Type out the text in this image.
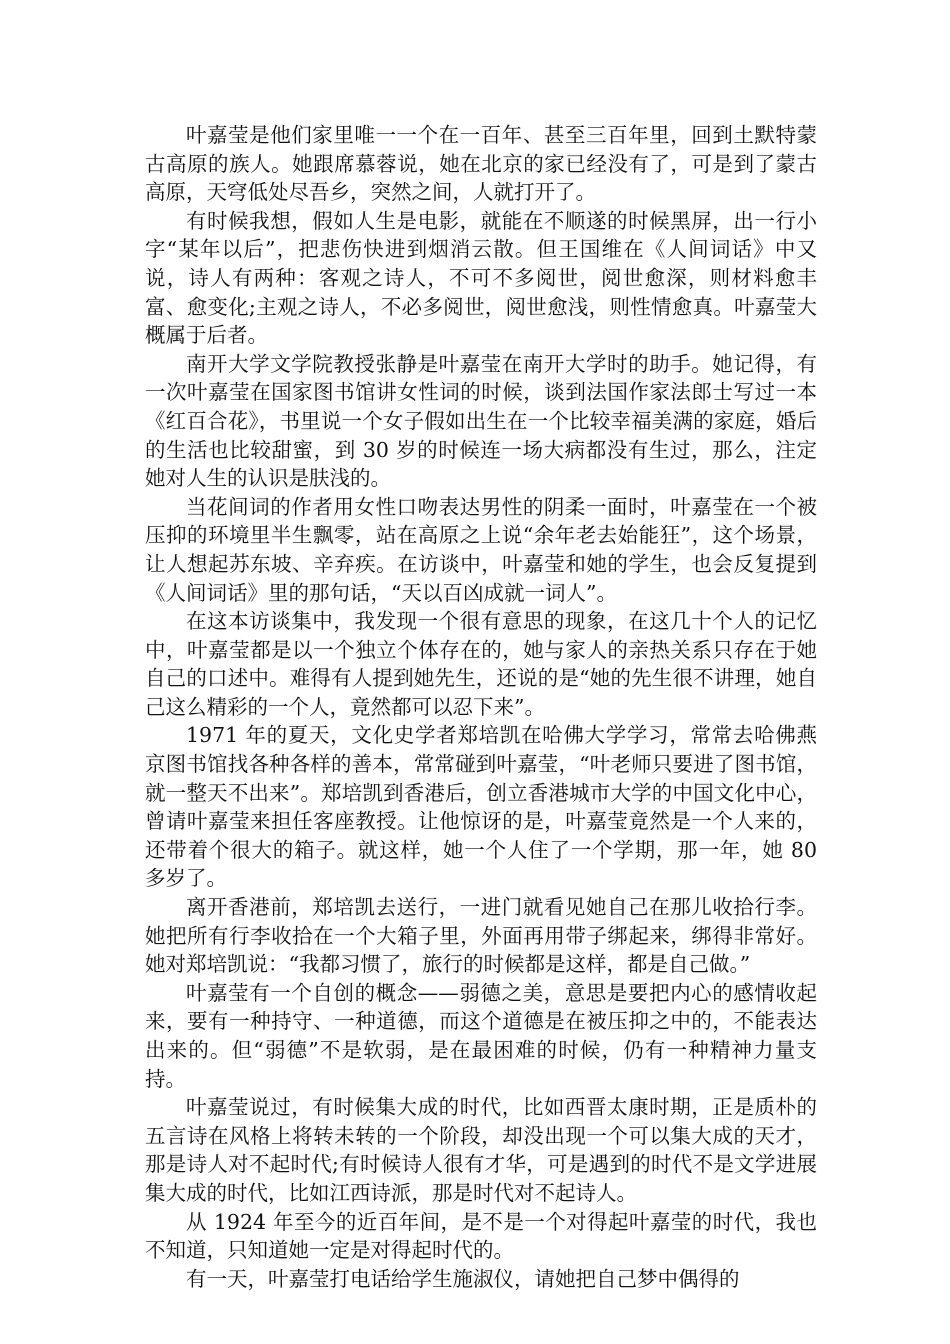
叶嘉莹是他们家里唯一一个在一百年、甚至三百年里，回到土默特蒙古高原的族人。她跟席慕蓉说，她在北京的家已经没有了，可是到了蒙古高原，天穹低处尽吾乡，突然之间，人就打开了。

有时候我想，假如人生是电影，就能在不顺遂的时候黑屏，出一行小字“某年以后”，把悲伤快进到烟消云散。但王国维在《人间词话》中又说，诗人有两种：客观之诗人，不可不多阅世，阅世愈深，则材料愈丰富、愈变化;主观之诗人，不必多阅世，阅世愈浅，则性情愈真。叶嘉莹大概属于后者。

南开大学文学院教授张静是叶嘉莹在南开大学时的助手。她记得，有一次叶嘉莹在国家图书馆讲女性词的时候，谈到法国作家法郎士写过一本《红百合花》，书里说一个女子假如出生在一个比较幸福美满的家庭，婚后的生活也比较甜蜜，到 30 岁的时候连一场大病都没有生过，那么，注定她对人生的认识是肤浅的。

当花间词的作者用女性口吻表达男性的阴柔一面时，叶嘉莹在一个被压抑的环境里半生飘零，站在高原之上说“余年老去始能狂”，这个场景，让人想起苏东坡、辛弃疾。在访谈中，叶嘉莹和她的学生，也会反复提到《人间词话》里的那句话，“天以百凶成就一词人”。

在这本访谈集中，我发现一个很有意思的现象，在这几十个人的记忆中，叶嘉莹都是以一个独立个体存在的，她与家人的亲热关系只存在于她自己的口述中。难得有人提到她先生，还说的是“她的先生很不讲理，她自己这么精彩的一个人，竟然都可以忍下来”。

1971 年的夏天，文化史学者郑培凯在哈佛大学学习，常常去哈佛燕京图书馆找各种各样的善本，常常碰到叶嘉莹，“叶老师只要进了图书馆，就一整天不出来”。郑培凯到香港后，创立香港城市大学的中国文化中心，曾请叶嘉莹来担任客座教授。让他惊讶的是，叶嘉莹竟然是一个人来的，还带着个很大的箱子。就这样，她一个人住了一个学期，那一年，她 80 多岁了。

离开香港前，郑培凯去送行，一进门就看见她自己在那儿收拾行李。她把所有行李收拾在一个大箱子里，外面再用带子绑起来，绑得非常好。她对郑培凯说：“我都习惯了，旅行的时候都是这样，都是自己做。”

叶嘉莹有一个自创的概念——弱德之美，意思是要把内心的感情收起来，要有一种持守、一种道德，而这个道德是在被压抑之中的，不能表达出来的。但“弱德”不是软弱，是在最困难的时候，仍有一种精神力量支持。

叶嘉莹说过，有时候集大成的时代，比如西晋太康时期，正是质朴的五言诗在风格上将转未转的一个阶段，却没出现一个可以集大成的天才，那是诗人对不起时代;有时候诗人很有才华，可是遇到的时代不是文学进展集大成的时代，比如江西诗派，那是时代对不起诗人。

从 1924 年至今的近百年间，是不是一个对得起叶嘉莹的时代，我也不知道，只知道她一定是对得起时代的。

有一天，叶嘉莹打电话给学生施淑仪，请她把自己梦中偶得的
